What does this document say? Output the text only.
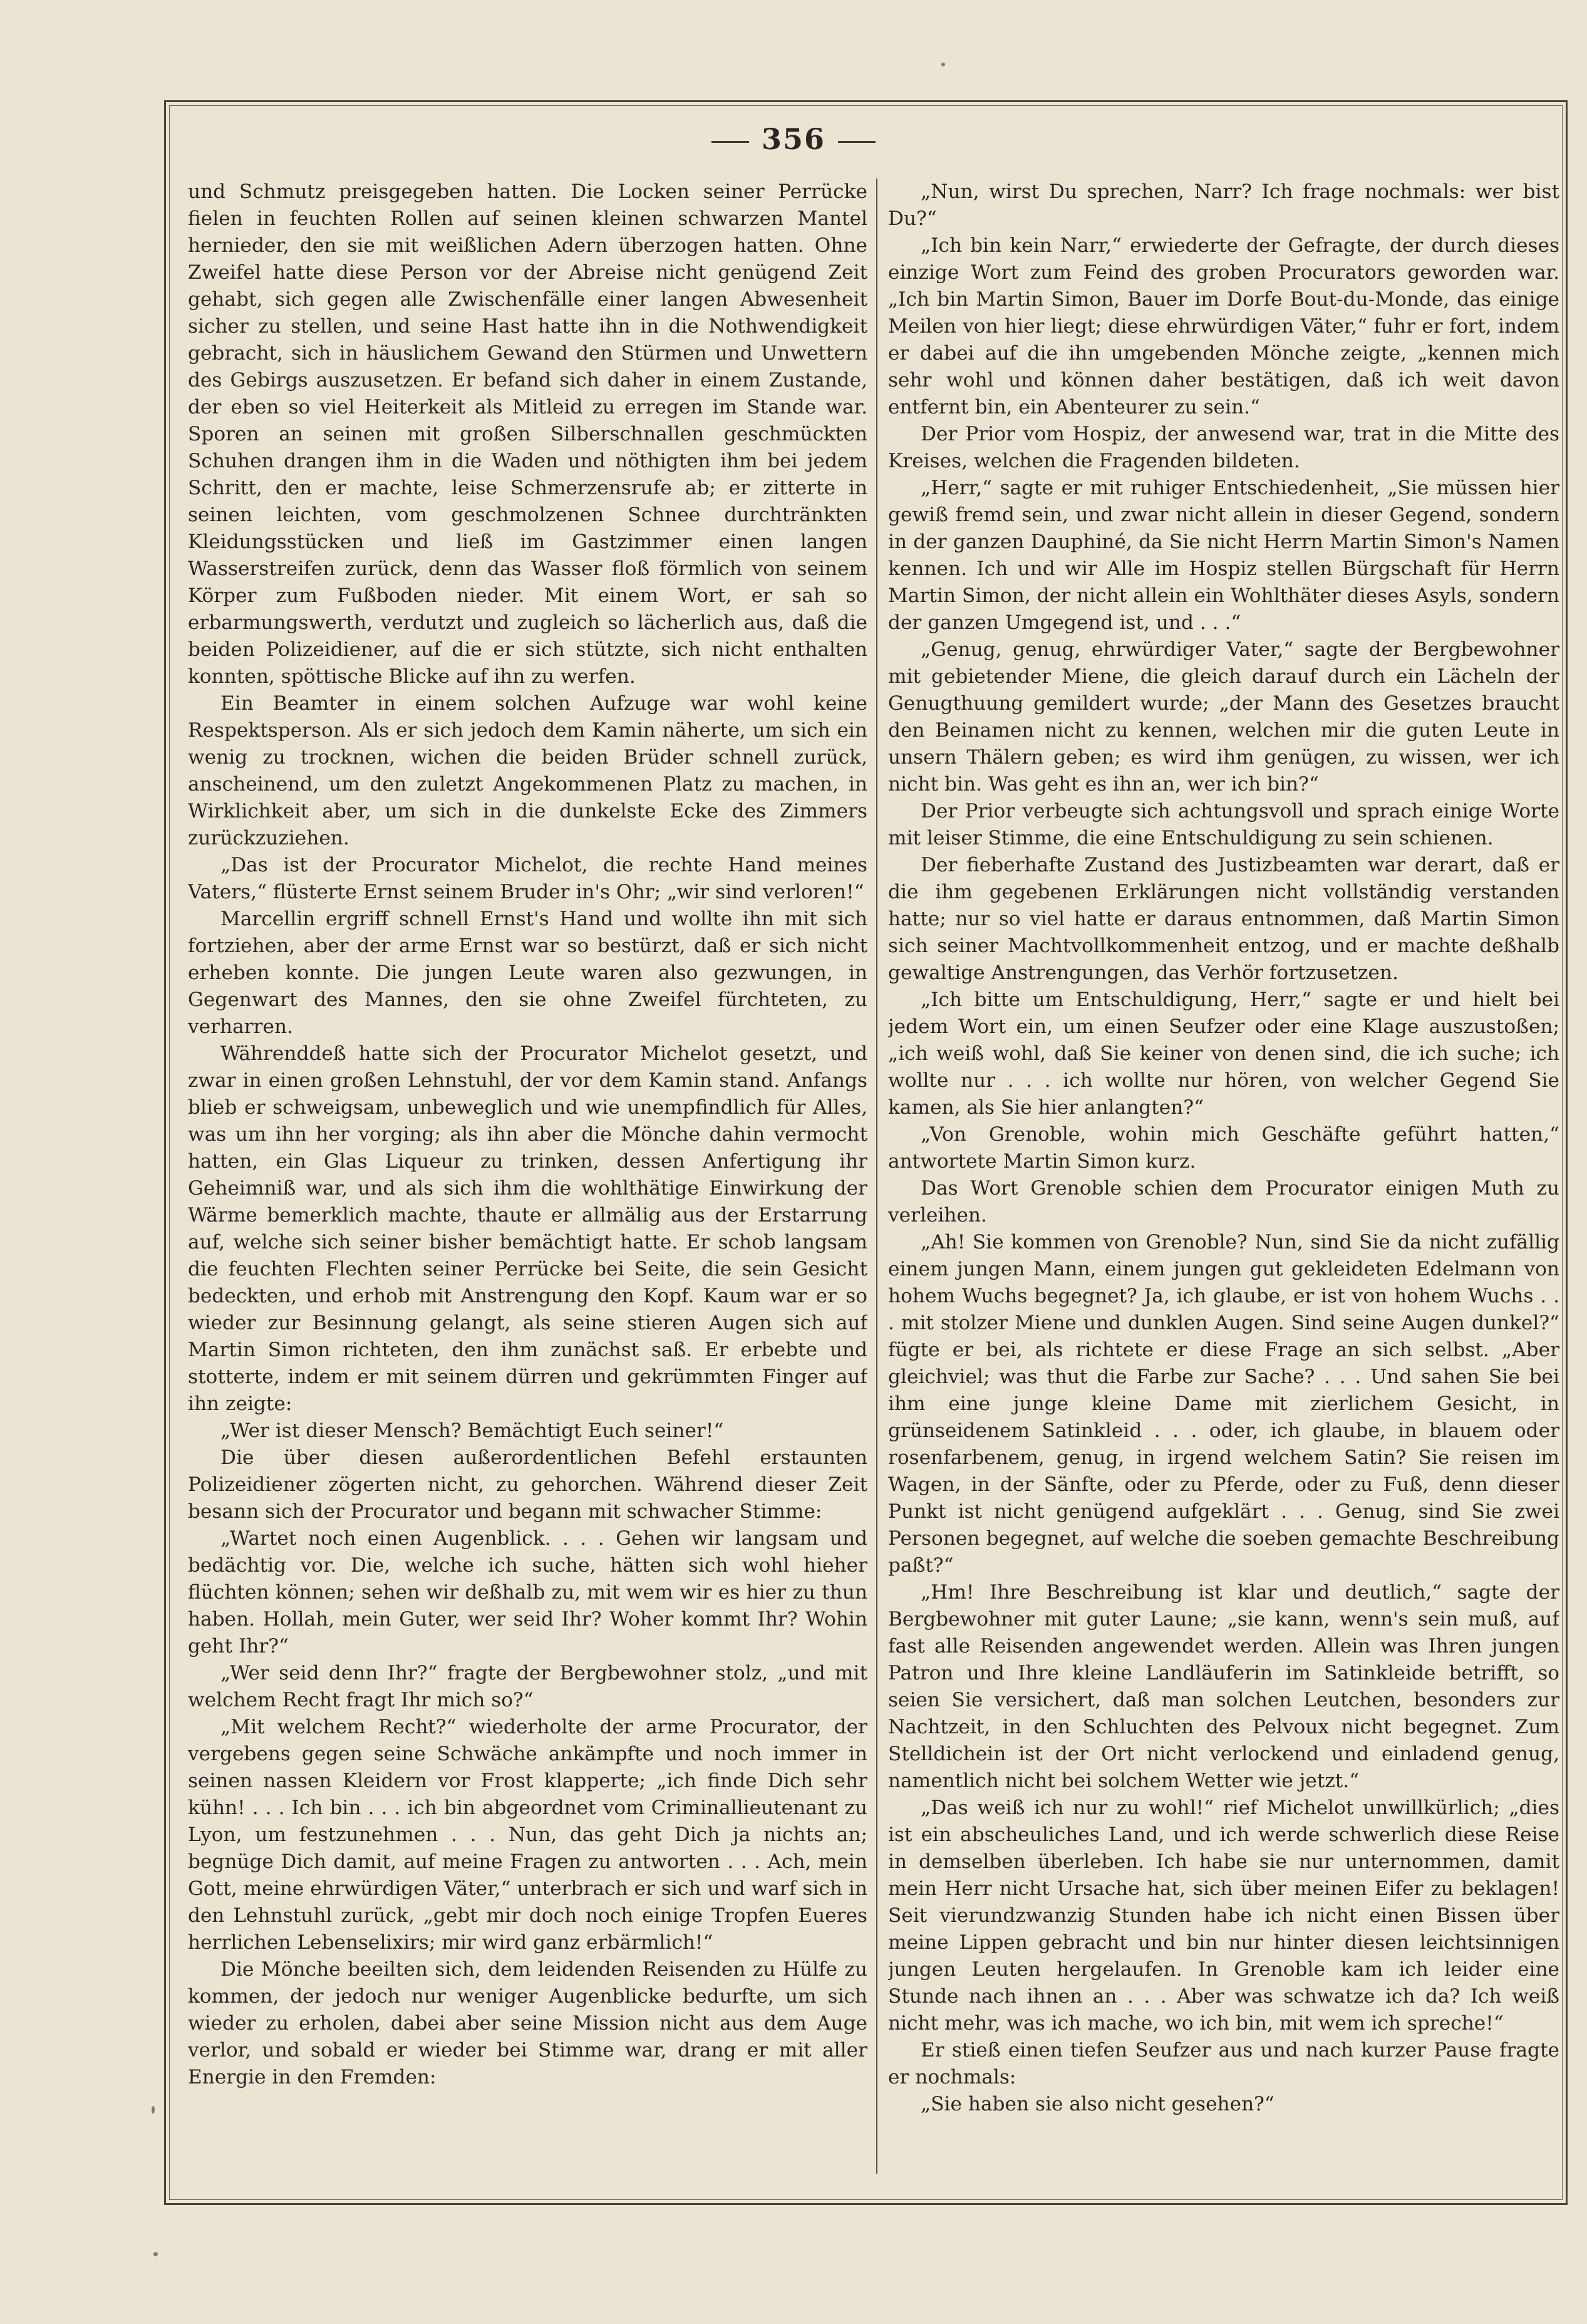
356

und Schmutz preisgegeben hatten. Die Locken seiner Perrücke fielen in feuchten Rollen auf seinen kleinen schwarzen Mantel hernieder, den sie mit weißlichen Adern überzogen hatten. Ohne Zweifel hatte diese Person vor der Abreise nicht genügend Zeit gehabt, sich gegen alle Zwischenfälle einer langen Abwesenheit sicher zu stellen, und seine Hast hatte ihn in die Nothwendigkeit gebracht, sich in häuslichem Gewand den Stürmen und Unwettern des Gebirgs auszusetzen. Er befand sich daher in einem Zustande, der eben so viel Heiterkeit als Mitleid zu erregen im Stande war. Sporen an seinen mit großen Silberschnallen geschmückten Schuhen drangen ihm in die Waden und nöthigten ihm bei jedem Schritt, den er machte, leise Schmerzensrufe ab; er zitterte in seinen leichten, vom geschmolzenen Schnee durchtränkten Kleidungsstücken und ließ im Gastzimmer einen langen Wasserstreifen zurück, denn das Wasser floß förmlich von seinem Körper zum Fußboden nieder. Mit einem Wort, er sah so erbarmungswerth, verdutzt und zugleich so lächerlich aus, daß die beiden Polizeidiener, auf die er sich stützte, sich nicht enthalten konnten, spöttische Blicke auf ihn zu werfen.

Ein Beamter in einem solchen Aufzuge war wohl keine Respektsperson. Als er sich jedoch dem Kamin näherte, um sich ein wenig zu trocknen, wichen die beiden Brüder schnell zurück, anscheinend, um den zuletzt Angekommenen Platz zu machen, in Wirklichkeit aber, um sich in die dunkelste Ecke des Zimmers zurückzuziehen.

„Das ist der Procurator Michelot, die rechte Hand meines Vaters,“ flüsterte Ernst seinem Bruder in's Ohr; „wir sind verloren!“

Marcellin ergriff schnell Ernst's Hand und wollte ihn mit sich fortziehen, aber der arme Ernst war so bestürzt, daß er sich nicht erheben konnte. Die jungen Leute waren also gezwungen, in Gegenwart des Mannes, den sie ohne Zweifel fürchteten, zu verharren.

Währenddeß hatte sich der Procurator Michelot gesetzt, und zwar in einen großen Lehnstuhl, der vor dem Kamin stand. Anfangs blieb er schweigsam, unbeweglich und wie unempfindlich für Alles, was um ihn her vorging; als ihn aber die Mönche dahin vermocht hatten, ein Glas Liqueur zu trinken, dessen Anfertigung ihr Geheimniß war, und als sich ihm die wohlthätige Einwirkung der Wärme bemerklich machte, thaute er allmälig aus der Erstarrung auf, welche sich seiner bisher bemächtigt hatte. Er schob langsam die feuchten Flechten seiner Perrücke bei Seite, die sein Gesicht bedeckten, und erhob mit Anstrengung den Kopf. Kaum war er so wieder zur Besinnung gelangt, als seine stieren Augen sich auf Martin Simon richteten, den ihm zunächst saß. Er erbebte und stotterte, indem er mit seinem dürren und gekrümmten Finger auf ihn zeigte:

„Wer ist dieser Mensch? Bemächtigt Euch seiner!“

Die über diesen außerordentlichen Befehl erstaunten Polizeidiener zögerten nicht, zu gehorchen. Während dieser Zeit besann sich der Procurator und begann mit schwacher Stimme:

„Wartet noch einen Augenblick. . . . Gehen wir langsam und bedächtig vor. Die, welche ich suche, hätten sich wohl hieher flüchten können; sehen wir deßhalb zu, mit wem wir es hier zu thun haben. Hollah, mein Guter, wer seid Ihr? Woher kommt Ihr? Wohin geht Ihr?“

„Wer seid denn Ihr?“ fragte der Bergbewohner stolz, „und mit welchem Recht fragt Ihr mich so?“

„Mit welchem Recht?“ wiederholte der arme Procurator, der vergebens gegen seine Schwäche ankämpfte und noch immer in seinen nassen Kleidern vor Frost klapperte; „ich finde Dich sehr kühn! . . . Ich bin . . . ich bin abgeordnet vom Criminallieutenant zu Lyon, um festzunehmen . . . Nun, das geht Dich ja nichts an; begnüge Dich damit, auf meine Fragen zu antworten . . . Ach, mein Gott, meine ehrwürdigen Väter,“ unterbrach er sich und warf sich in den Lehnstuhl zurück, „gebt mir doch noch einige Tropfen Eueres herrlichen Lebenselixirs; mir wird ganz erbärmlich!“

Die Mönche beeilten sich, dem leidenden Reisenden zu Hülfe zu kommen, der jedoch nur weniger Augenblicke bedurfte, um sich wieder zu erholen, dabei aber seine Mission nicht aus dem Auge verlor, und sobald er wieder bei Stimme war, drang er mit aller Energie in den Fremden:

„Nun, wirst Du sprechen, Narr? Ich frage nochmals: wer bist Du?“

„Ich bin kein Narr,“ erwiederte der Gefragte, der durch dieses einzige Wort zum Feind des groben Procurators geworden war. „Ich bin Martin Simon, Bauer im Dorfe Bout-du-Monde, das einige Meilen von hier liegt; diese ehrwürdigen Väter,“ fuhr er fort, indem er dabei auf die ihn umgebenden Mönche zeigte, „kennen mich sehr wohl und können daher bestätigen, daß ich weit davon entfernt bin, ein Abenteurer zu sein.“

Der Prior vom Hospiz, der anwesend war, trat in die Mitte des Kreises, welchen die Fragenden bildeten.

„Herr,“ sagte er mit ruhiger Entschiedenheit, „Sie müssen hier gewiß fremd sein, und zwar nicht allein in dieser Gegend, sondern in der ganzen Dauphiné, da Sie nicht Herrn Martin Simon's Namen kennen. Ich und wir Alle im Hospiz stellen Bürgschaft für Herrn Martin Simon, der nicht allein ein Wohlthäter dieses Asyls, sondern der ganzen Umgegend ist, und . . .“

„Genug, genug, ehrwürdiger Vater,“ sagte der Bergbewohner mit gebietender Miene, die gleich darauf durch ein Lächeln der Genugthuung gemildert wurde; „der Mann des Gesetzes braucht den Beinamen nicht zu kennen, welchen mir die guten Leute in unsern Thälern geben; es wird ihm genügen, zu wissen, wer ich nicht bin. Was geht es ihn an, wer ich bin?“

Der Prior verbeugte sich achtungsvoll und sprach einige Worte mit leiser Stimme, die eine Entschuldigung zu sein schienen.

Der fieberhafte Zustand des Justizbeamten war derart, daß er die ihm gegebenen Erklärungen nicht vollständig verstanden hatte; nur so viel hatte er daraus entnommen, daß Martin Simon sich seiner Machtvollkommenheit entzog, und er machte deßhalb gewaltige Anstrengungen, das Verhör fortzusetzen.

„Ich bitte um Entschuldigung, Herr,“ sagte er und hielt bei jedem Wort ein, um einen Seufzer oder eine Klage auszustoßen; „ich weiß wohl, daß Sie keiner von denen sind, die ich suche; ich wollte nur . . . ich wollte nur hören, von welcher Gegend Sie kamen, als Sie hier anlangten?“

„Von Grenoble, wohin mich Geschäfte geführt hatten,“ antwortete Martin Simon kurz.

Das Wort Grenoble schien dem Procurator einigen Muth zu verleihen.

„Ah! Sie kommen von Grenoble? Nun, sind Sie da nicht zufällig einem jungen Mann, einem jungen gut gekleideten Edelmann von hohem Wuchs begegnet? Ja, ich glaube, er ist von hohem Wuchs . . . mit stolzer Miene und dunklen Augen. Sind seine Augen dunkel?“ fügte er bei, als richtete er diese Frage an sich selbst. „Aber gleichviel; was thut die Farbe zur Sache? . . . Und sahen Sie bei ihm eine junge kleine Dame mit zierlichem Gesicht, in grünseidenem Satinkleid . . . oder, ich glaube, in blauem oder rosenfarbenem, genug, in irgend welchem Satin? Sie reisen im Wagen, in der Sänfte, oder zu Pferde, oder zu Fuß, denn dieser Punkt ist nicht genügend aufgeklärt . . . Genug, sind Sie zwei Personen begegnet, auf welche die soeben gemachte Beschreibung paßt?“

„Hm! Ihre Beschreibung ist klar und deutlich,“ sagte der Bergbewohner mit guter Laune; „sie kann, wenn's sein muß, auf fast alle Reisenden angewendet werden. Allein was Ihren jungen Patron und Ihre kleine Landläuferin im Satinkleide betrifft, so seien Sie versichert, daß man solchen Leutchen, besonders zur Nachtzeit, in den Schluchten des Pelvoux nicht begegnet. Zum Stelldichein ist der Ort nicht verlockend und einladend genug, namentlich nicht bei solchem Wetter wie jetzt.“

„Das weiß ich nur zu wohl!“ rief Michelot unwillkürlich; „dies ist ein abscheuliches Land, und ich werde schwerlich diese Reise in demselben überleben. Ich habe sie nur unternommen, damit mein Herr nicht Ursache hat, sich über meinen Eifer zu beklagen! Seit vierundzwanzig Stunden habe ich nicht einen Bissen über meine Lippen gebracht und bin nur hinter diesen leichtsinnigen jungen Leuten hergelaufen. In Grenoble kam ich leider eine Stunde nach ihnen an . . . Aber was schwatze ich da? Ich weiß nicht mehr, was ich mache, wo ich bin, mit wem ich spreche!“

Er stieß einen tiefen Seufzer aus und nach kurzer Pause fragte er nochmals:

„Sie haben sie also nicht gesehen?“
